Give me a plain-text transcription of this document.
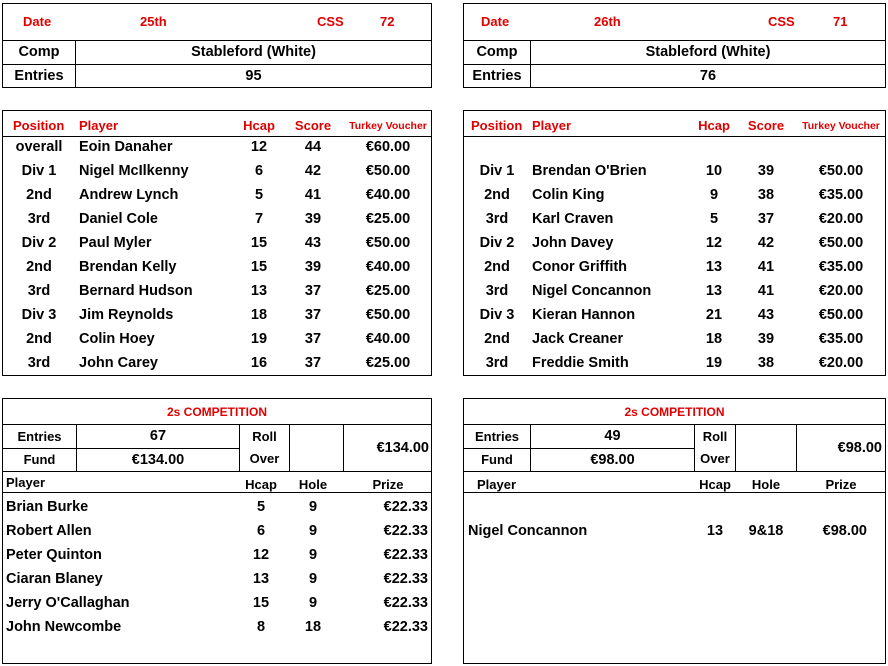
Date	25th	CSS	72
Comp	Stableford (White)
Entries	95
Position Player	Hcap	Score	Turkey Voucher
overall	Eoin Danaher	12	44	€60.00
Div 1	Nigel McIlkenny	6	42	€50.00
2nd	Andrew Lynch	5	41	€40.00
3rd	Daniel Cole	7	39	€25.00
Div 2	Paul Myler	15	43	€50.00
2nd	Brendan Kelly	15	39	€40.00
3rd	Bernard Hudson	13	37	€25.00
Div 3	Jim Reynolds	18	37	€50.00
2nd	Colin Hoey	19	37	€40.00
3rd	John Carey	16	37	€25.00
2s COMPETITION
Entries	67
Fund	€134.00
Roll
Over
€134.00
Player	Hcap	Hole	Prize
Brian Burke	5	9	€22.33
Robert Allen	6	9	€22.33
Peter Quinton	12	9	€22.33
Ciaran Blaney	13	9	€22.33
Jerry O'Callaghan	15	9	€22.33
John Newcombe	8	18	€22.33
Date	26th	CSS	71
Comp	Stableford (White)
Entries	76
Position Player	Hcap	Score	Turkey Voucher
Div 1	Brendan O'Brien	10	39	€50.00
2nd	Colin King	9	38	€35.00
3rd	Karl Craven	5	37	€20.00
Div 2	John Davey	12	42	€50.00
2nd	Conor Griffith	13	41	€35.00
3rd	Nigel Concannon	13	41	€20.00
Div 3	Kieran Hannon	21	43	€50.00
2nd	Jack Creaner	18	39	€35.00
3rd	Freddie Smith	19	38	€20.00
2s COMPETITION
Entries	49
Fund	€98.00
Roll
Over
€98.00
Player	Hcap	Hole	Prize
Nigel Concannon	13	9&18	€98.00
